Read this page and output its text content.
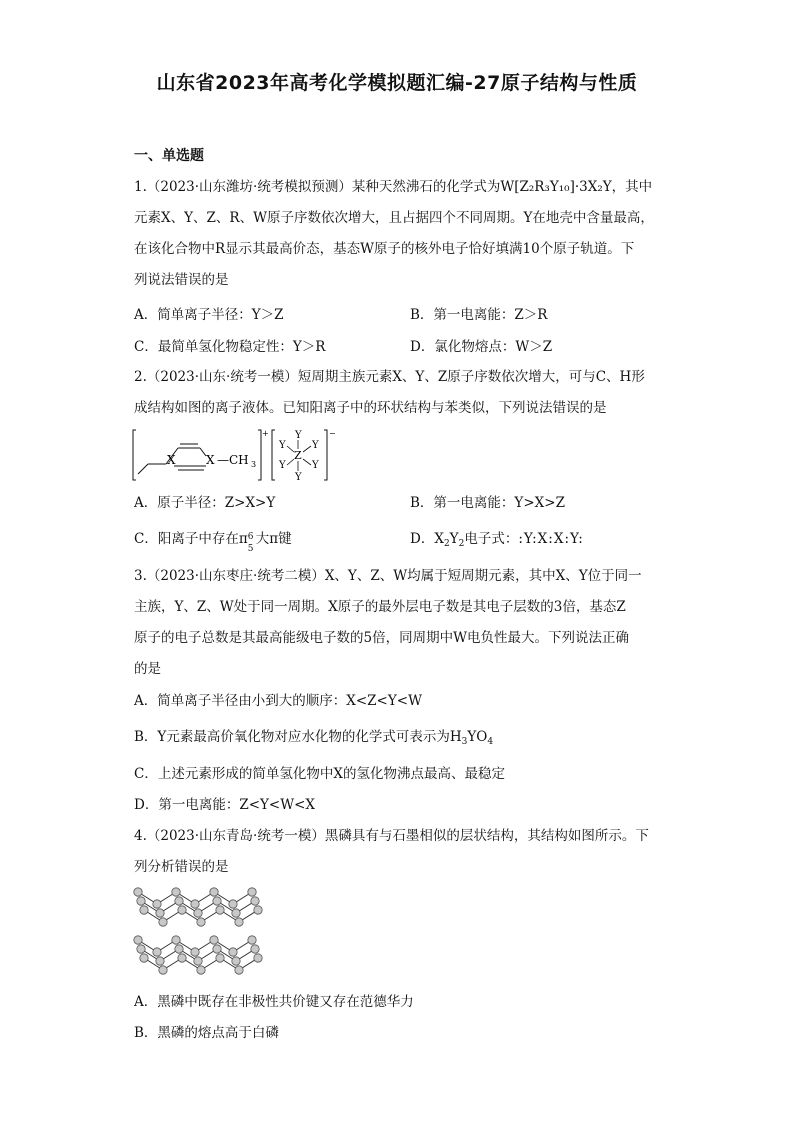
山东省2023年高考化学模拟题汇编-27原子结构与性质
一、单选题
1.（2023·山东潍坊·统考模拟预测）某种天然沸石的化学式为W[Z₂R₃Y₁₀]·3X₂Y，其中
元素X、Y、Z、R、W原子序数依次增大，且占据四个不同周期。Y在地壳中含量最高，
在该化合物中R显示其最高价态，基态W原子的核外电子恰好填满10个原子轨道。下
列说法错误的是
A．简单离子半径：Y＞Z	B．第一电离能：Z＞R
C．最简单氢化物稳定性：Y＞R	D．氯化物熔点：W＞Z
2.（2023·山东·统考一模）短周期主族元素X、Y、Z原子序数依次增大，可与C、H形
成结构如图的离子液体。已知阳离子中的环状结构与苯类似，下列说法错误的是
X	X —CH 3
+	Y
Y	Y
Z
Y	Y
Y
−
A．原子半径：Z>X>Y	B．第一电离能：Y>X>Z
C．阳离子中存在π 6
5
大π键	D．$X_2Y_2$电子式：:Y:X:X:Y:
3.（2023·山东枣庄·统考二模）X、Y、Z、W均属于短周期元素，其中X、Y位于同一
主族，Y、Z、W处于同一周期。X原子的最外层电子数是其电子层数的3倍，基态Z
原子的电子总数是其最高能级电子数的5倍，同周期中W电负性最大。下列说法正确
的是
A．简单离子半径由小到大的顺序：X<Z<Y<W
B．Y元素最高价氧化物对应水化物的化学式可表示为$H_3YO_4$
C．上述元素形成的简单氢化物中X的氢化物沸点最高、最稳定
D．第一电离能：Z<Y<W<X
4.（2023·山东青岛·统考一模）黑磷具有与石墨相似的层状结构，其结构如图所示。下
列分析错误的是
A．黑磷中既存在非极性共价键又存在范德华力
B．黑磷的熔点高于白磷
